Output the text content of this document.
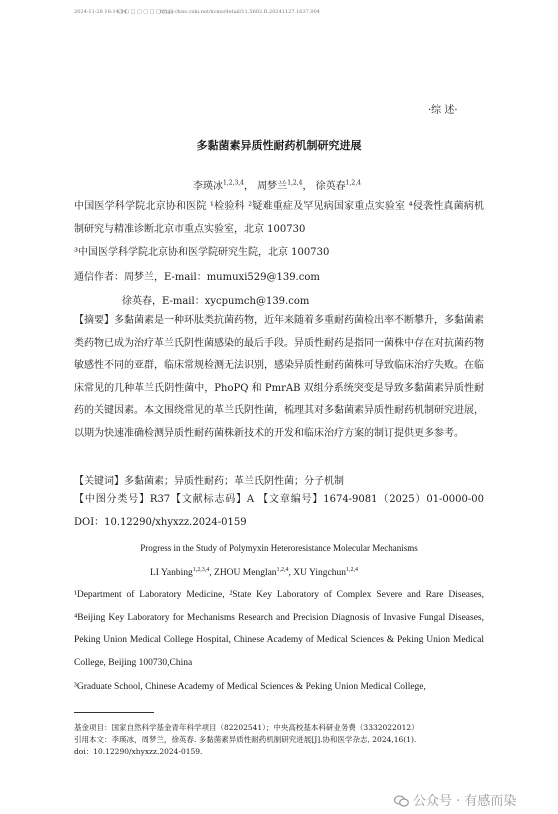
2024-11-28 10:14:04
□ □ □ □ □ □ □ □ □
https://kns.cnki.net/kcms/detail/11.5602.R.20241127.1637.004
·综 述·
多黏菌素异质性耐药机制研究进展
李瑛冰$^{1,2,3,4}$， 周梦兰$^{1,2,4}$， 徐英春$^{1,2,4}$
中国医学科学院北京协和医院 ¹检验科 ²疑难重症及罕见病国家重点实验室 ⁴侵袭性真菌病机制研究与精准诊断北京市重点实验室，北京 100730
³中国医学科学院北京协和医学院研究生院，北京 100730
通信作者：周梦兰，E-mail：mumuxi529@139.com
徐英春，E-mail：xycpumch@139.com
【摘要】多黏菌素是一种环肽类抗菌药物，近年来随着多重耐药菌检出率不断攀升，多黏菌素类药物已成为治疗革兰氏阴性菌感染的最后手段。异质性耐药是指同一菌株中存在对抗菌药物敏感性不同的亚群，临床常规检测无法识别，感染异质性耐药菌株可导致临床治疗失败。在临床常见的几种革兰氏阴性菌中，PhoPQ 和 PmrAB 双组分系统突变是导致多黏菌素异质性耐药的关键因素。本文围绕常见的革兰氏阴性菌，梳理其对多黏菌素异质性耐药机制研究进展，以期为快速准确检测异质性耐药菌株新技术的开发和临床治疗方案的制订提供更多参考。
【关键词】多黏菌素；异质性耐药；革兰氏阴性菌；分子机制
【中图分类号】R37【文献标志码】A 【文章编号】1674-9081（2025）01-0000-00 DOI：10.12290/xhyxzz.2024-0159
Progress in the Study of Polymyxin Heteroresistance Molecular Mechanisms
LI Yanbing$^{1,2,3,4}$, ZHOU Menglan$^{1,2,4}$, XU Yingchun$^{1,2,4}$
¹Department of Laboratory Medicine, ²State Key Laboratory of Complex Severe and Rare Diseases, ⁴Beijing Key Laboratory for Mechanisms Research and Precision Diagnosis of Invasive Fungal Diseases, Peking Union Medical College Hospital, Chinese Academy of Medical Sciences & Peking Union Medical College, Beijing 100730,China
³Graduate School, Chinese Academy of Medical Sciences & Peking Union Medical College,
基金项目：国家自然科学基金青年科学项目（82202541）；中央高校基本科研业务费（3332022012）
引用本文：李瑛冰，周梦兰，徐英春. 多黏菌素异质性耐药机制研究进展[J].协和医学杂志, 2024,16(1).
doi：10.12290/xhyxzz.2024-0159.
公众号 · 有感而染
